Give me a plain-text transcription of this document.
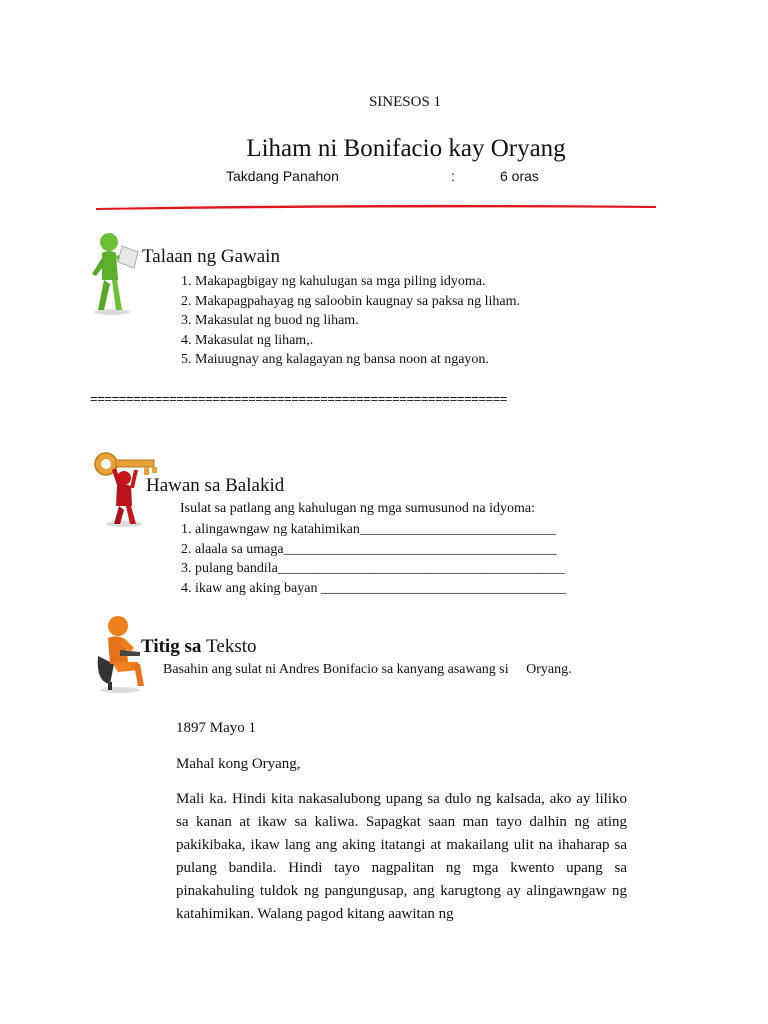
SINESOS 1
Liham ni Bonifacio kay Oryang
Takdang Panahon	:	6 oras
Talaan ng Gawain
1. Makapagbigay ng kahulugan sa mga piling idyoma.
2. Makapagpahayag ng saloobin kaugnay sa paksa ng liham.
3. Makasulat ng buod ng liham.
4. Makasulat ng liham,.
5. Maiuugnay ang kalagayan ng bansa noon at ngayon.
==========================================================
Hawan sa Balakid
Isulat sa patlang ang kahulugan ng mga sumusunod na idyoma:
1. alingawngaw ng katahimikan____________________________
2. alaala sa umaga_______________________________________
3. pulang bandila_________________________________________
4. ikaw ang aking bayan ___________________________________
Titig sa Teksto
Basahin ang sulat ni Andres Bonifacio sa kanyang asawang si     Oryang.
1897 Mayo 1
Mahal kong Oryang,
Mali ka. Hindi kita nakasalubong upang sa dulo ng kalsada, ako ay liliko sa kanan at ikaw sa kaliwa. Sapagkat saan man tayo dalhin ng ating pakikibaka, ikaw lang ang aking itatangi at makailang ulit na ihaharap sa pulang bandila. Hindi tayo nagpalitan ng mga kwento upang sa pinakahuling tuldok ng pangungusap, ang karugtong ay alingawngaw ng katahimikan. Walang pagod kitang aawitan ng
